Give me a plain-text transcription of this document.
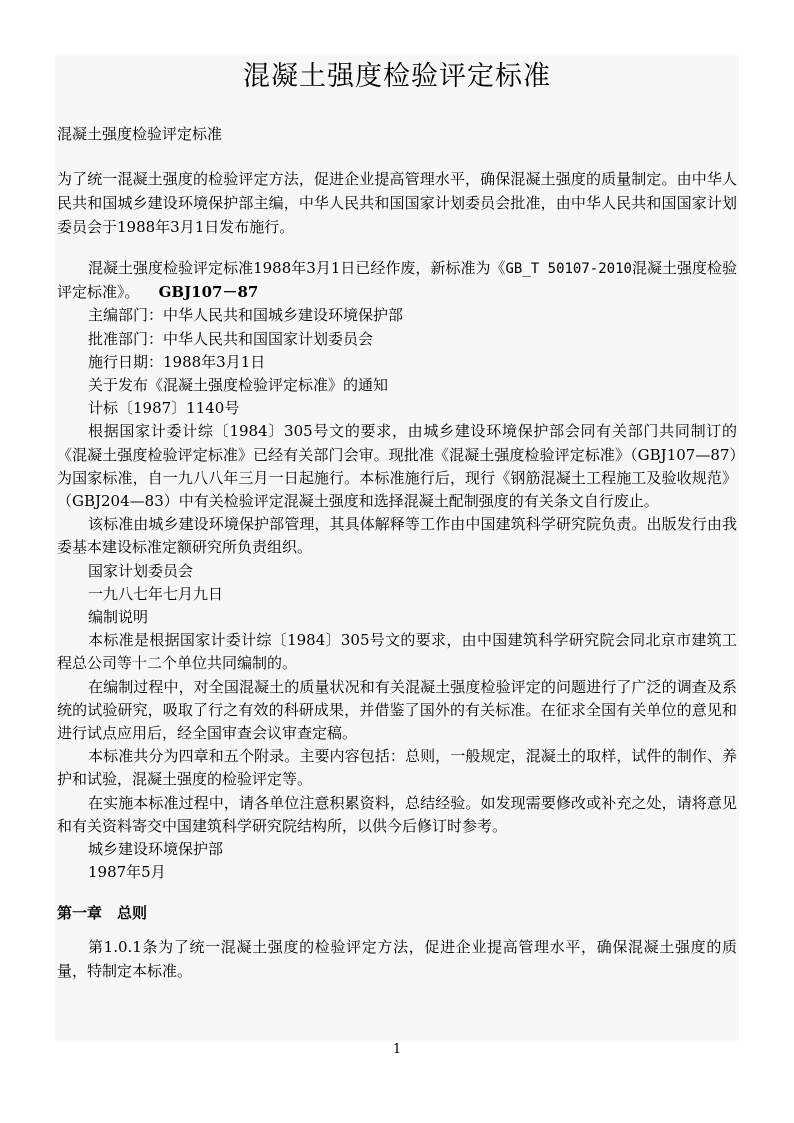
混凝土强度检验评定标准
混凝土强度检验评定标准
为了统一混凝土强度的检验评定方法，促进企业提高管理水平，确保混凝土强度的质量制定。由中华人民共和国城乡建设环境保护部主编，中华人民共和国国家计划委员会批准，由中华人民共和国国家计划委员会于1988年3月1日发布施行。

混凝土强度检验评定标准1988年3月1日已经作废，新标准为《GB_T 50107-2010混凝土强度检验评定标准》。 GBJ107－87

主编部门：中华人民共和国城乡建设环境保护部

批准部门：中华人民共和国国家计划委员会

施行日期：1988年3月1日

关于发布《混凝土强度检验评定标准》的通知

计标〔1987〕1140号

根据国家计委计综〔1984〕305号文的要求，由城乡建设环境保护部会同有关部门共同制订的《混凝土强度检验评定标准》已经有关部门会审。现批准《混凝土强度检验评定标准》（GBJ107—87）为国家标准，自一九八八年三月一日起施行。本标准施行后，现行《钢筋混凝土工程施工及验收规范》（GBJ204—83）中有关检验评定混凝土强度和选择混凝土配制强度的有关条文自行废止。

该标准由城乡建设环境保护部管理，其具体解释等工作由中国建筑科学研究院负责。出版发行由我委基本建设标准定额研究所负责组织。

国家计划委员会

一九八七年七月九日

编制说明

本标准是根据国家计委计综〔1984〕305号文的要求，由中国建筑科学研究院会同北京市建筑工程总公司等十二个单位共同编制的。

在编制过程中，对全国混凝土的质量状况和有关混凝土强度检验评定的问题进行了广泛的调查及系统的试验研究，吸取了行之有效的科研成果，并借鉴了国外的有关标准。在征求全国有关单位的意见和进行试点应用后，经全国审查会议审查定稿。

本标准共分为四章和五个附录。主要内容包括：总则，一般规定，混凝土的取样，试件的制作、养护和试验，混凝土强度的检验评定等。

在实施本标准过程中，请各单位注意积累资料，总结经验。如发现需要修改或补充之处，请将意见和有关资料寄交中国建筑科学研究院结构所，以供今后修订时参考。

城乡建设环境保护部

1987年5月

第一章　总则

第1.0.1条为了统一混凝土强度的检验评定方法，促进企业提高管理水平，确保混凝土强度的质量，特制定本标准。

1
